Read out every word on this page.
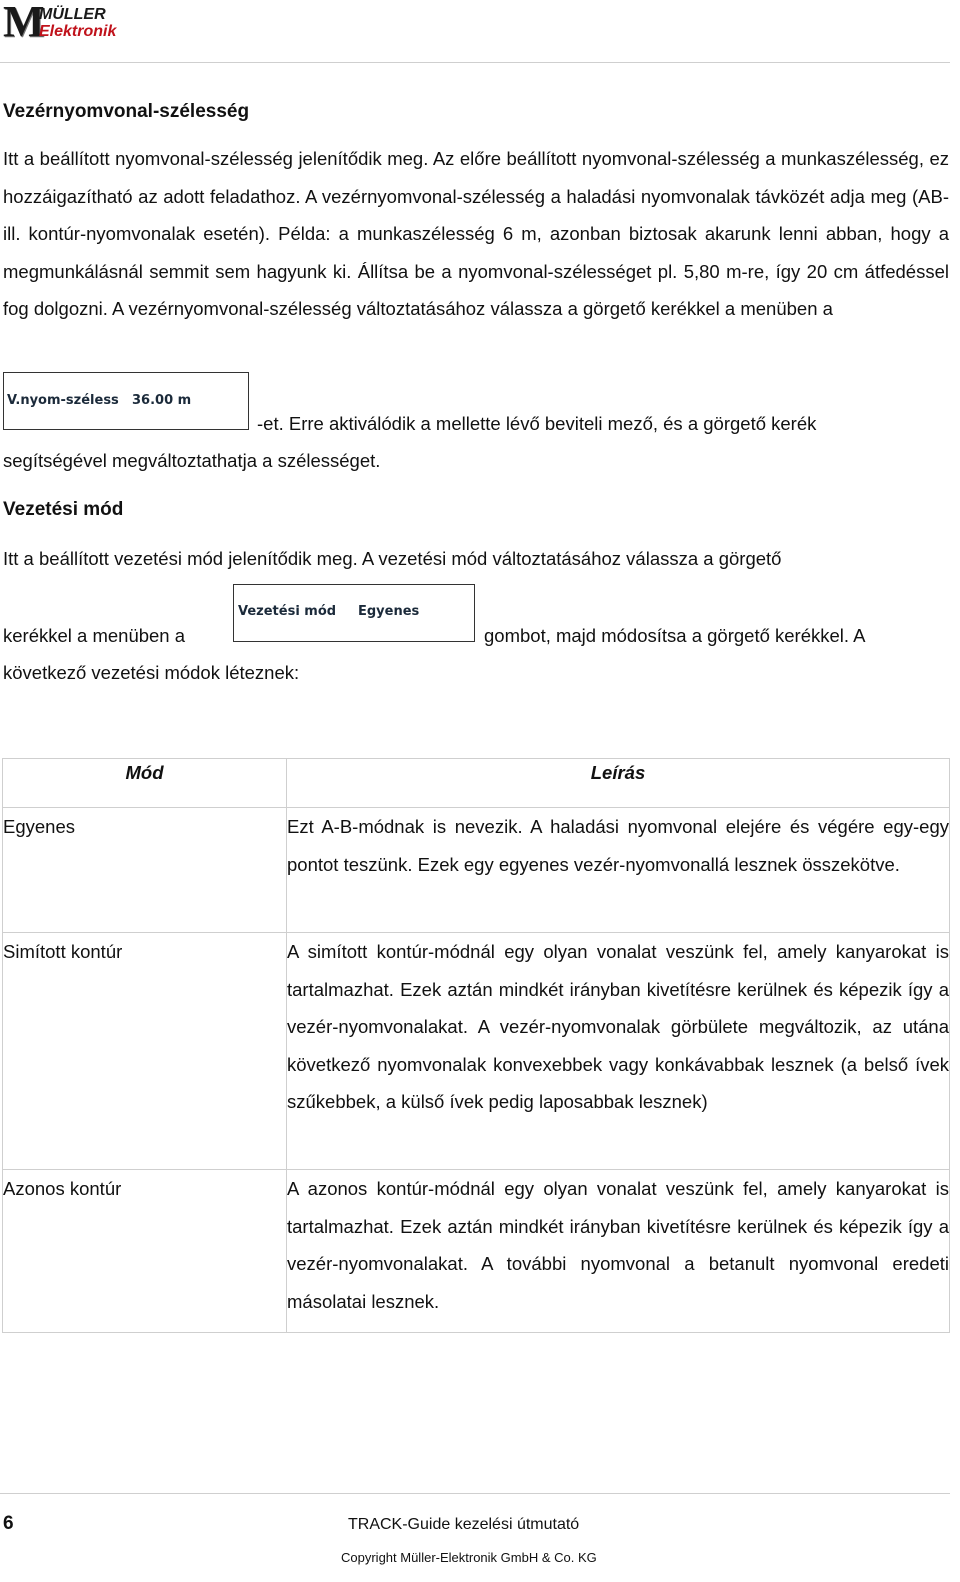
M
MÜLLER
Elektronik
Vezérnyomvonal-szélesség

Itt a beállított nyomvonal-szélesség jelenítődik meg. Az előre beállított nyomvonal-szélesség a munkaszélesség, ez hozzáigazítható az adott feladathoz. A vezérnyomvonal-szélesség a haladási nyomvonalak távközét adja meg (AB- ill. kontúr-nyomvonalak esetén). Példa: a munkaszélesség 6 m, azonban biztosak akarunk lenni abban, hogy a megmunkálásnál semmit sem hagyunk ki. Állítsa be a nyomvonal-szélességet pl. 5,80 m-re, így 20 cm átfedéssel fog dolgozni. A vezérnyomvonal-szélesség változtatásához válassza a görgető kerékkel a menüben a

V.nyom-széless 36.00 m
-et. Erre aktiválódik a mellette lévő beviteli mező, és a görgető kerék
segítségével megváltoztathatja a szélességet.
Vezetési mód
Itt a beállított vezetési mód jelenítődik meg. A vezetési mód változtatásához válassza a görgető
kerékkel a menüben a
Vezetési mód Egyenes
gombot, majd módosítsa a görgető kerékkel. A
következő vezetési módok léteznek:
Mód	Leírás
Egyenes	Ezt A-B-módnak is nevezik. A haladási nyomvonal elejére és végére egy-egy pontot teszünk. Ezek egy egyenes vezér-nyomvonallá lesznek összekötve.
Simított kontúr	A simított kontúr-módnál egy olyan vonalat veszünk fel, amely kanyarokat is tartalmazhat. Ezek aztán mindkét irányban kivetítésre kerülnek és képezik így a vezér-nyomvonalakat. A vezér-nyomvonalak görbülete megváltozik, az utána következő nyomvonalak konvexebbek vagy konkávabbak lesznek (a belső ívek szűkebbek, a külső ívek pedig laposabbak lesznek)
Azonos kontúr	A azonos kontúr-módnál egy olyan vonalat veszünk fel, amely kanyarokat is tartalmazhat. Ezek aztán mindkét irányban kivetítésre kerülnek és képezik így a vezér-nyomvonalakat. A további nyomvonal a betanult nyomvonal eredeti másolatai lesznek.
6	TRACK-Guide kezelési útmutató
Copyright Müller-Elektronik GmbH & Co. KG
